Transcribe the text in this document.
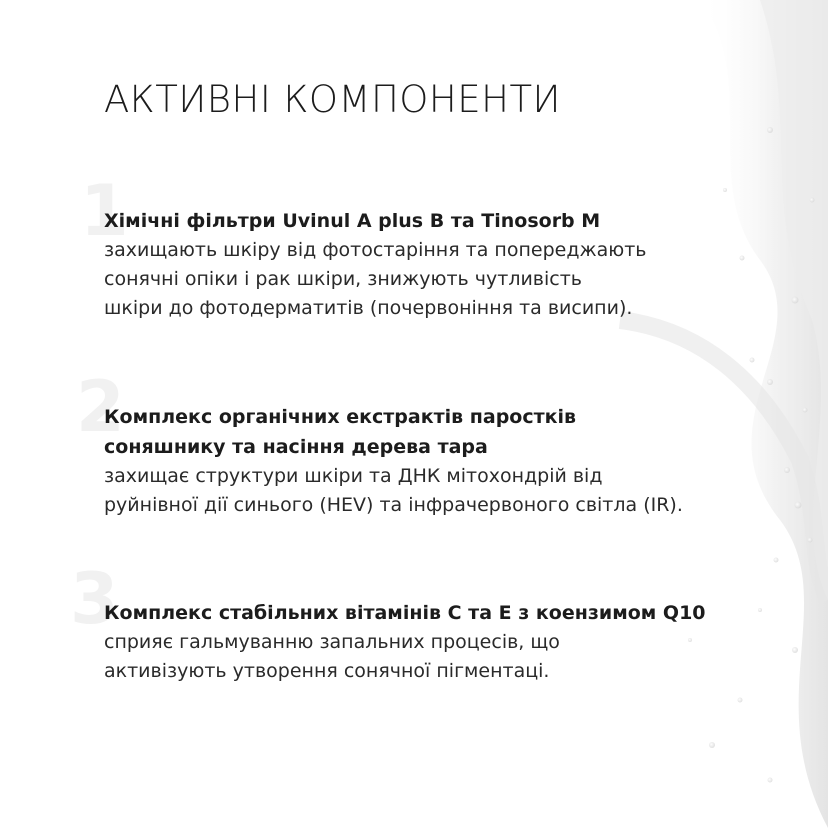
АКТИВНІ КОМПОНЕНТИ
1
2
3

Хімічні фільтри Uvinul A plus B та Tinosorb M

захищають шкіру від фотостаріння та попереджають
сонячні опіки і рак шкіри, знижують чутливість
шкіри до фотодерматитів (почервоніння та висипи).

Комплекс органічних екстрактів паростків
соняшнику та насіння дерева тара

захищає структури шкіри та ДНК мітохондрій від
руйнівної дії синього (HEV) та інфрачервоного світла (IR).

Комплекс стабільних вітамінів C та E з коензимом Q10

сприяє гальмуванню запальних процесів, що
активізують утворення сонячної пігментаці.
